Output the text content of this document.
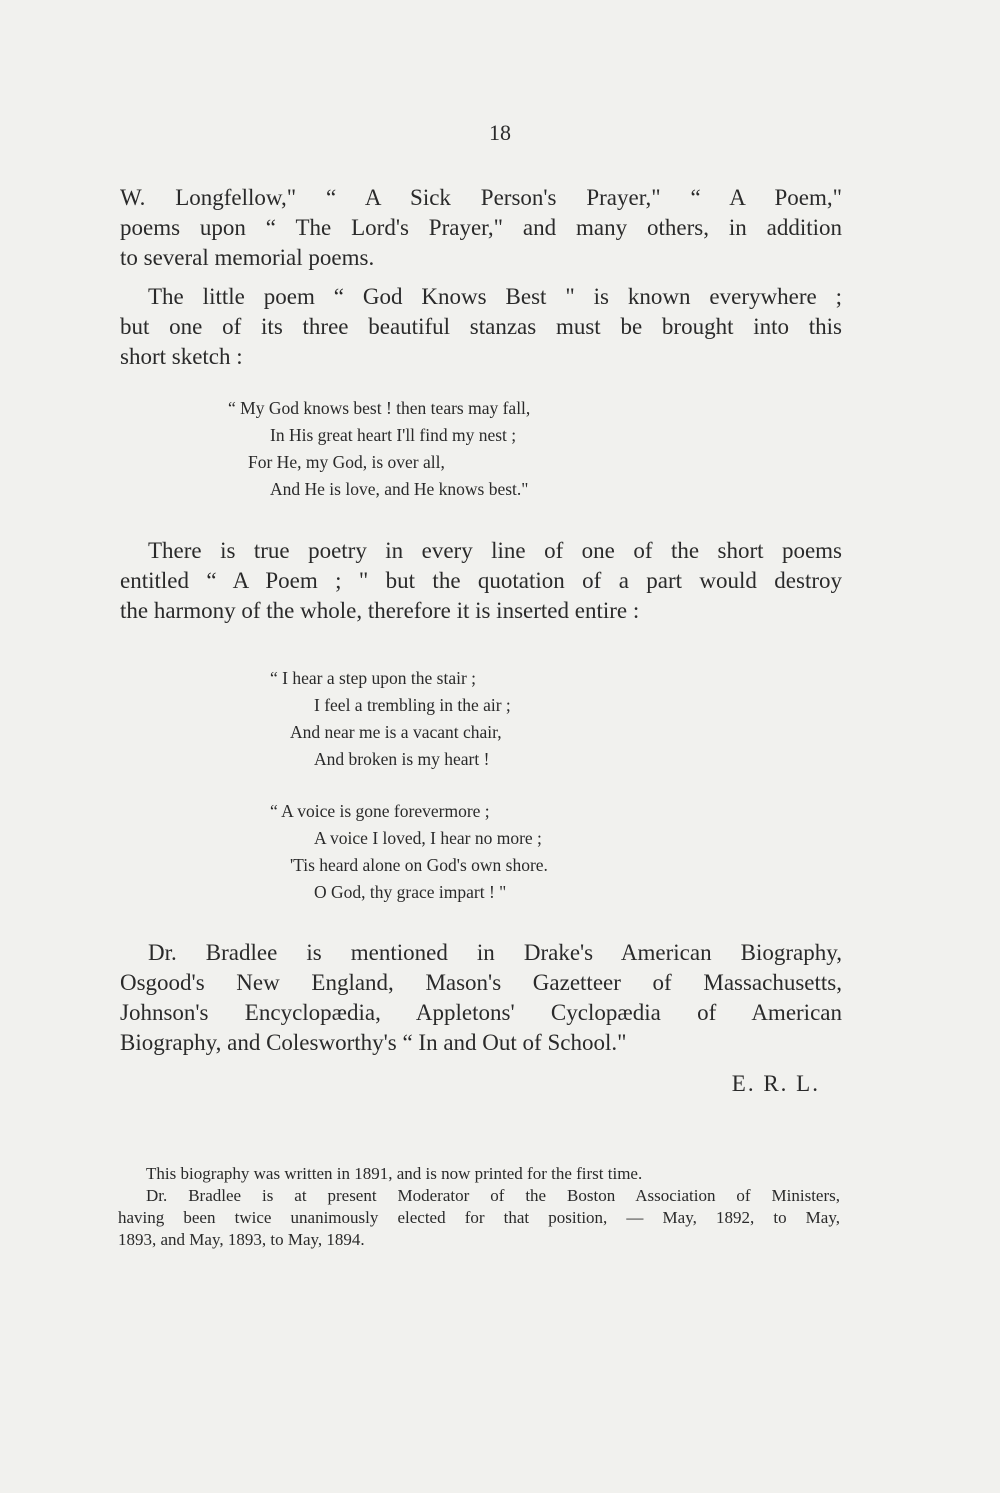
18

W. Longfellow," “ A Sick Person's Prayer," “ A Poem,"
poems upon “ The Lord's Prayer," and many others, in addition
to several memorial poems.

The little poem “ God Knows Best " is known everywhere ;
but one of its three beautiful stanzas must be brought into this
short sketch :

“ My God knows best ! then tears may fall,
In His great heart I'll find my nest ;
For He, my God, is over all,
And He is love, and He knows best."

There is true poetry in every line of one of the short poems
entitled “ A Poem ; " but the quotation of a part would destroy
the harmony of the whole, therefore it is inserted entire :

“ I hear a step upon the stair ;
I feel a trembling in the air ;
And near me is a vacant chair,
And broken is my heart !
“ A voice is gone forevermore ;
A voice I loved, I hear no more ;
'Tis heard alone on God's own shore.
O God, thy grace impart ! "

Dr. Bradlee is mentioned in Drake's American Biography,
Osgood's New England, Mason's Gazetteer of Massachusetts,
Johnson's Encyclopædia, Appletons' Cyclopædia of American
Biography, and Colesworthy's “ In and Out of School."

E. R. L.
This biography was written in 1891, and is now printed for the first time.
Dr. Bradlee is at present Moderator of the Boston Association of Ministers,
having been twice unanimously elected for that position, — May, 1892, to May,
1893, and May, 1893, to May, 1894.
